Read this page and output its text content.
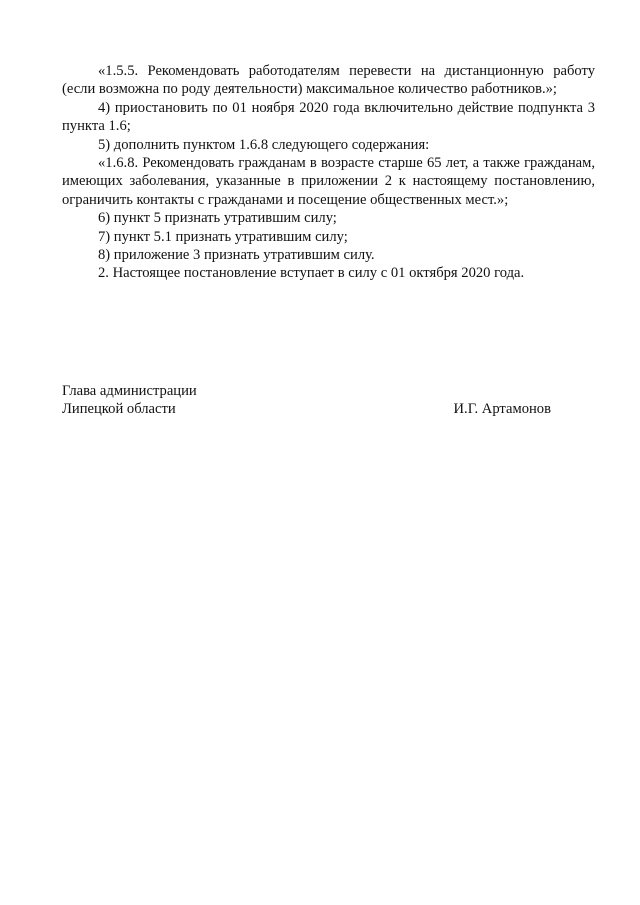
«1.5.5. Рекомендовать работодателям перевести на дистанционную работу (если возможна по роду деятельности) максимальное количество работников.»;

4) приостановить по 01 ноября 2020 года включительно действие подпункта 3 пункта 1.6;

5) дополнить пунктом 1.6.8 следующего содержания:

«1.6.8. Рекомендовать гражданам в возрасте старше 65 лет, а также гражданам, имеющих заболевания, указанные в приложении 2 к настоящему постановлению, ограничить контакты с гражданами и посещение общественных мест.»;

6) пункт 5 признать утратившим силу;

7) пункт 5.1 признать утратившим силу;

8) приложение 3 признать утратившим силу.

2. Настоящее постановление вступает в силу с 01 октября 2020 года.

Глава администрации
Липецкой области	И.Г. Артамонов
